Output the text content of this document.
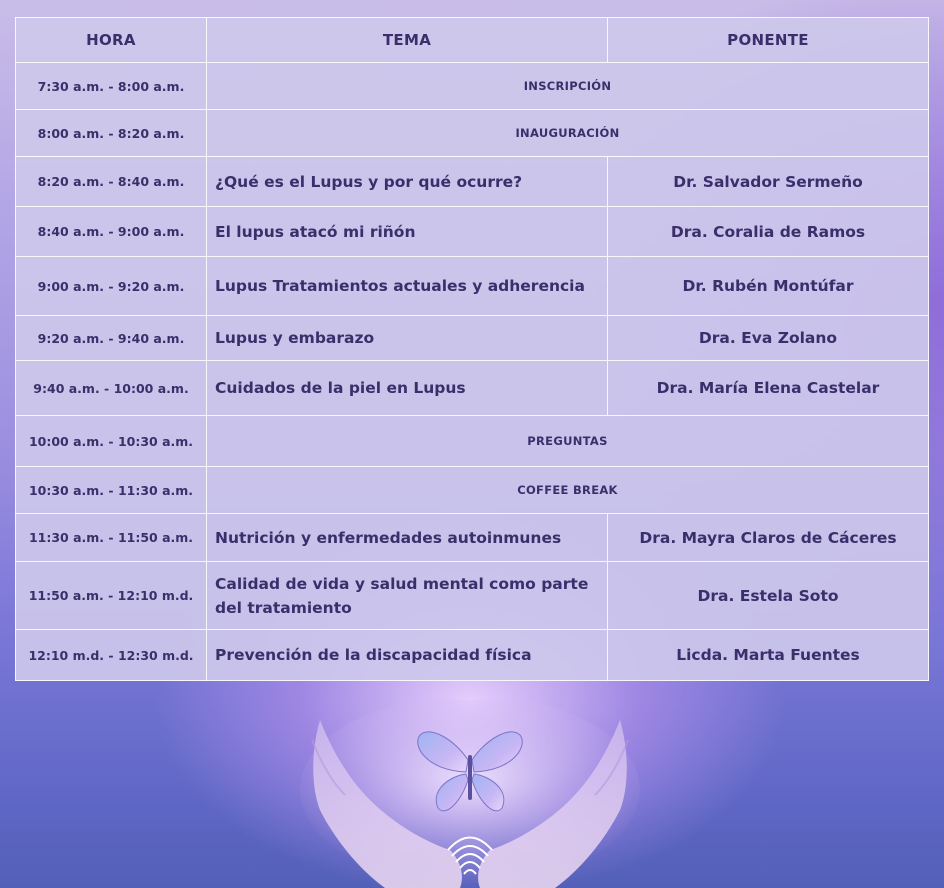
HORA	TEMA	PONENTE
7:30 a.m. - 8:00 a.m.	INSCRIPCIÓN	
8:00 a.m. - 8:20 a.m.	INAUGURACIÓN	
8:20 a.m. - 8:40 a.m.	¿Qué es el Lupus y por qué ocurre?	Dr. Salvador Sermeño
8:40 a.m. - 9:00 a.m.	El lupus atacó mi riñón	Dra. Coralia de Ramos
9:00 a.m. - 9:20 a.m.	Lupus Tratamientos actuales y adherencia	Dr. Rubén Montúfar
9:20 a.m. - 9:40 a.m.	Lupus y embarazo	Dra. Eva Zolano
9:40 a.m. - 10:00 a.m.	Cuidados de la piel en Lupus	Dra. María Elena Castelar
10:00 a.m. - 10:30 a.m.	PREGUNTAS	
10:30 a.m. - 11:30 a.m.	COFFEE BREAK	
11:30 a.m. - 11:50 a.m.	Nutrición y enfermedades autoinmunes	Dra. Mayra Claros de Cáceres
11:50 a.m. - 12:10 m.d.	Calidad de vida y salud mental como parte del tratamiento	Dra. Estela Soto
12:10 m.d. - 12:30 m.d.	Prevención de la discapacidad física	Licda. Marta Fuentes
